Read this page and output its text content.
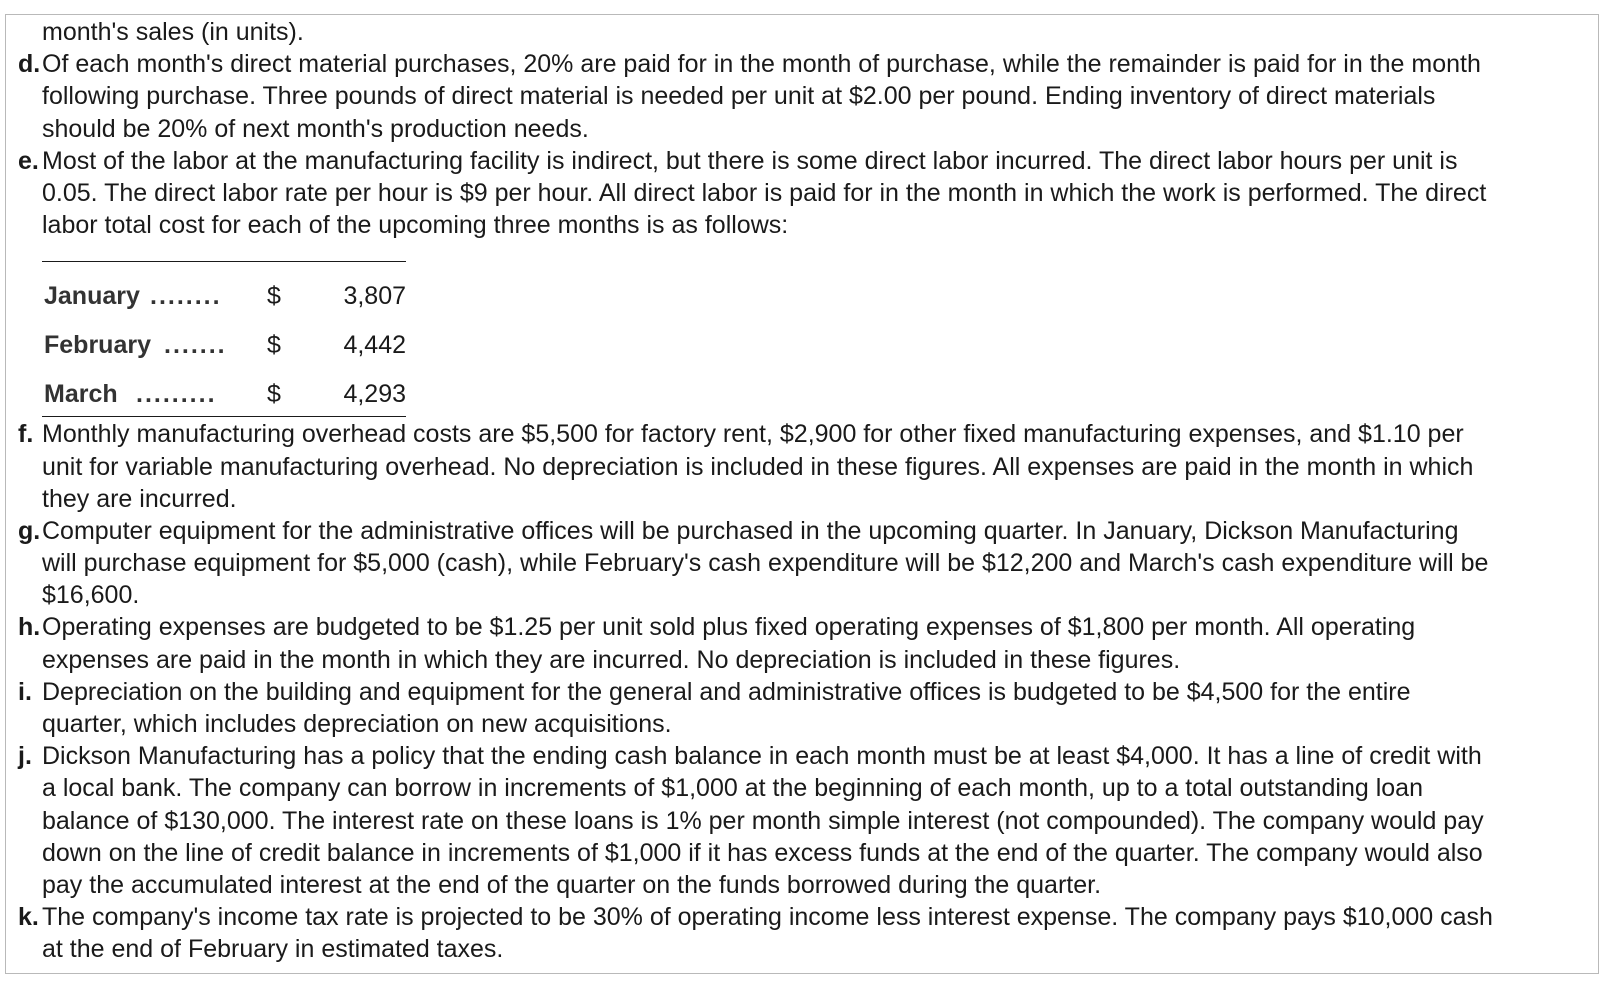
month's sales (in units).
d. Of each month's direct material purchases, 20% are paid for in the month of purchase, while the remainder is paid for in the month
following purchase. Three pounds of direct material is needed per unit at $2.00 per pound. Ending inventory of direct materials
should be 20% of next month's production needs.
e. Most of the labor at the manufacturing facility is indirect, but there is some direct labor incurred. The direct labor hours per unit is
0.05. The direct labor rate per hour is $9 per hour. All direct labor is paid for in the month in which the work is performed. The direct
labor total cost for each of the upcoming three months is as follows:
January ........ $	3,807
February ....... $	4,442
March ......... $	4,293
f. Monthly manufacturing overhead costs are $5,500 for factory rent, $2,900 for other fixed manufacturing expenses, and $1.10 per
unit for variable manufacturing overhead. No depreciation is included in these figures. All expenses are paid in the month in which
they are incurred.
g. Computer equipment for the administrative offices will be purchased in the upcoming quarter. In January, Dickson Manufacturing
will purchase equipment for $5,000 (cash), while February's cash expenditure will be $12,200 and March's cash expenditure will be
$16,600.
h. Operating expenses are budgeted to be $1.25 per unit sold plus fixed operating expenses of $1,800 per month. All operating
expenses are paid in the month in which they are incurred. No depreciation is included in these figures.
i. Depreciation on the building and equipment for the general and administrative offices is budgeted to be $4,500 for the entire
quarter, which includes depreciation on new acquisitions.
j. Dickson Manufacturing has a policy that the ending cash balance in each month must be at least $4,000. It has a line of credit with
a local bank. The company can borrow in increments of $1,000 at the beginning of each month, up to a total outstanding loan
balance of $130,000. The interest rate on these loans is 1% per month simple interest (not compounded). The company would pay
down on the line of credit balance in increments of $1,000 if it has excess funds at the end of the quarter. The company would also
pay the accumulated interest at the end of the quarter on the funds borrowed during the quarter.
k. The company's income tax rate is projected to be 30% of operating income less interest expense. The company pays $10,000 cash
at the end of February in estimated taxes.
